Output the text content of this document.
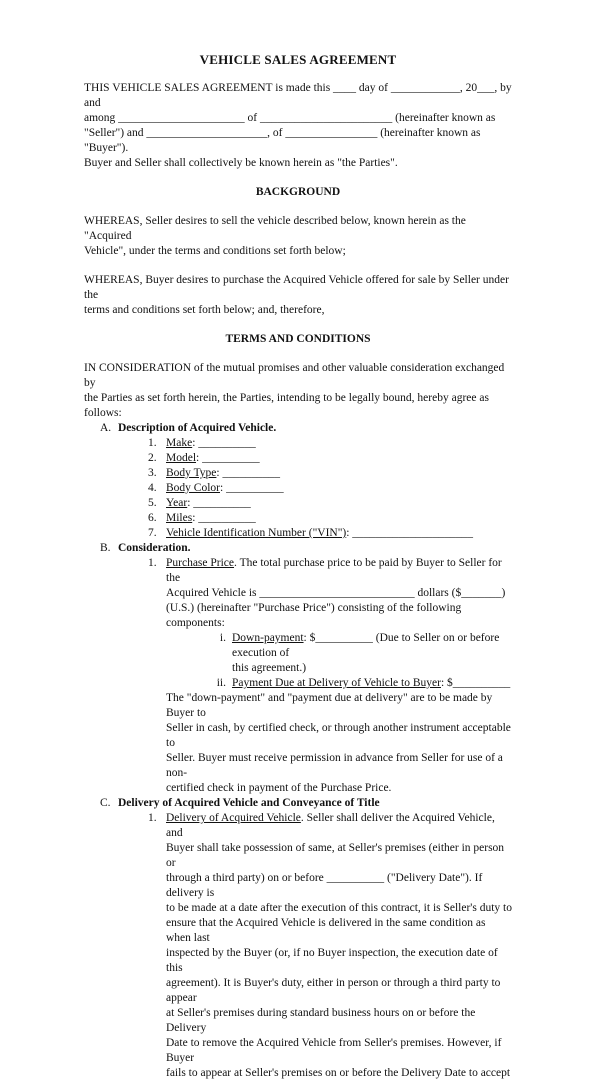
VEHICLE SALES AGREEMENT

THIS VEHICLE SALES AGREEMENT is made this ____ day of ____________, 20___, by and

among ______________________ of _______________________ (hereinafter known as

"Seller") and _____________________, of ________________ (hereinafter known as "Buyer").

Buyer and Seller shall collectively be known herein as "the Parties".

BACKGROUND

WHEREAS, Seller desires to sell the vehicle described below, known herein as the "Acquired

Vehicle", under the terms and conditions set forth below;

WHEREAS, Buyer desires to purchase the Acquired Vehicle offered for sale by Seller under the

terms and conditions set forth below; and, therefore,

TERMS AND CONDITIONS

IN CONSIDERATION of the mutual promises and other valuable consideration exchanged by

the Parties as set forth herein, the Parties, intending to be legally bound, hereby agree as follows:

A. Description of Acquired Vehicle.
1. Make: __________
2. Model: __________
3. Body Type: __________
4. Body Color: __________
5. Year: __________
6. Miles: __________
7. Vehicle Identification Number ("VIN"): _____________________
B. Consideration.
1. Purchase Price. The total purchase price to be paid by Buyer to Seller for the

Acquired Vehicle is ___________________________ dollars ($_______)

(U.S.) (hereinafter "Purchase Price") consisting of the following components:

i. Down-payment: $__________ (Due to Seller on or before execution of
this agreement.)
ii. Payment Due at Delivery of Vehicle to Buyer: $__________

The "down-payment" and "payment due at delivery" are to be made by Buyer to

Seller in cash, by certified check, or through another instrument acceptable to

Seller. Buyer must receive permission in advance from Seller for use of a non-

certified check in payment of the Purchase Price.

C. Delivery of Acquired Vehicle and Conveyance of Title
1. Delivery of Acquired Vehicle. Seller shall deliver the Acquired Vehicle, and

Buyer shall take possession of same, at Seller's premises (either in person or

through a third party) on or before __________ ("Delivery Date"). If delivery is

to be made at a date after the execution of this contract, it is Seller's duty to

ensure that the Acquired Vehicle is delivered in the same condition as when last

inspected by the Buyer (or, if no Buyer inspection, the execution date of this

agreement). It is Buyer's duty, either in person or through a third party to appear

at Seller's premises during standard business hours on or before the Delivery

Date to remove the Acquired Vehicle from Seller's premises. However, if Buyer

fails to appear at Seller's premises on or before the Delivery Date to accept
